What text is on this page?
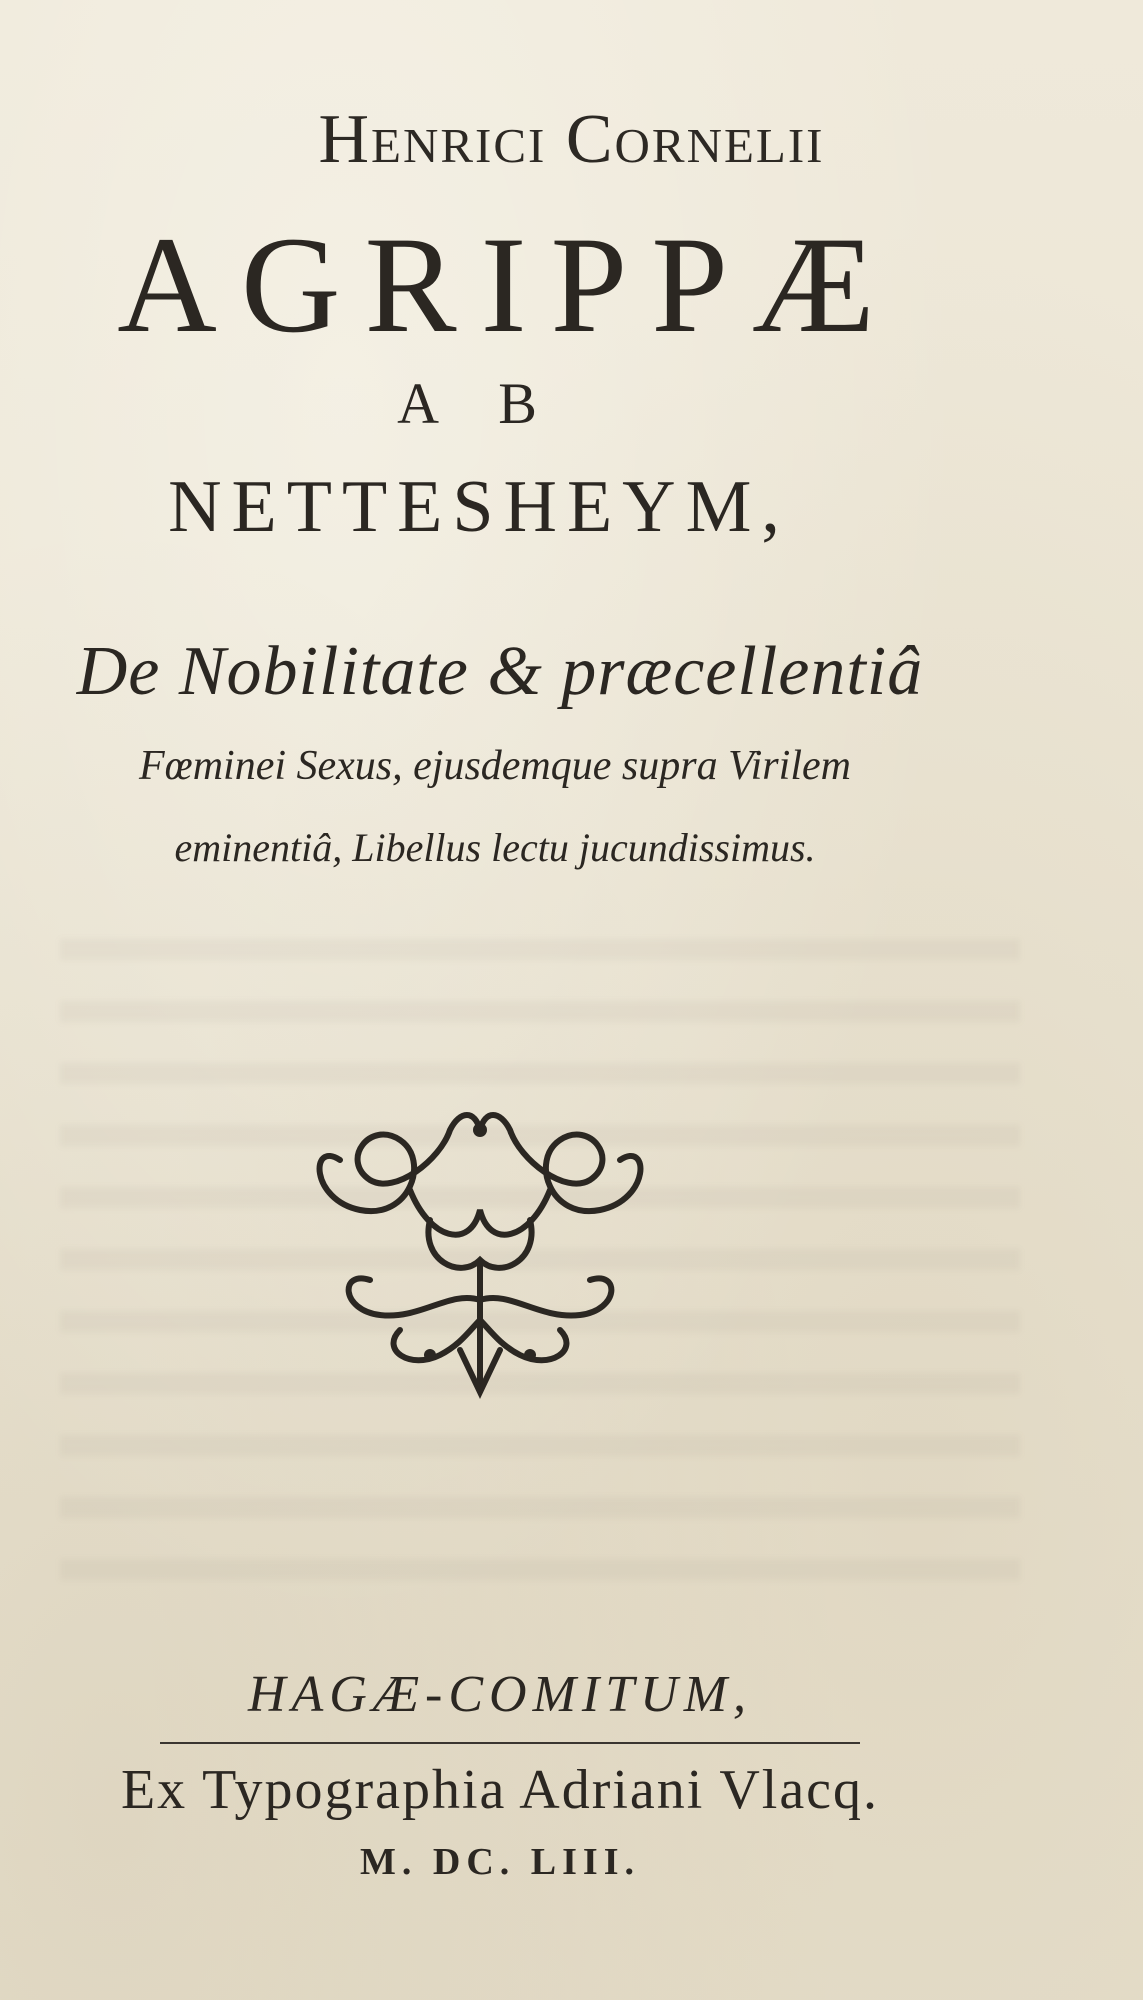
Henrici Cornelii
AGRIPPÆ
A B
NETTESHEYM,
De Nobilitate & præcellentiâ
Fœminei Sexus, ejusdemque supra Virilem
eminentiâ, Libellus lectu jucundissimus.
HAGÆ-COMITUM,
Ex Typographia Adriani Vlacq.
M. DC. LIII.
